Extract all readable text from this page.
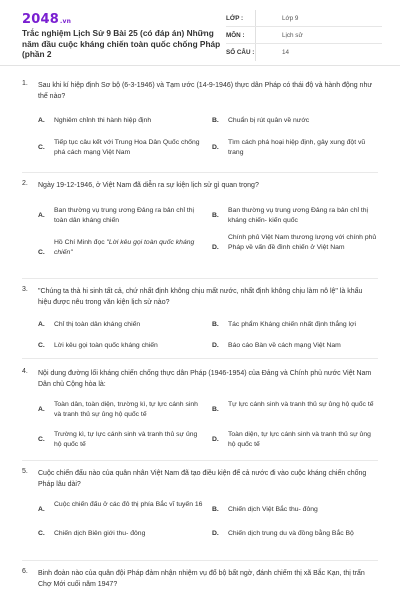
2048.vn
Trắc nghiệm Lịch Sử 9 Bài 25 (có đáp án) Những năm đầu cuộc kháng chiến toàn quốc chống Pháp (phần 2
LỚP :	Lớp 9
MÔN :	Lịch sử
SỐ CÂU :	14
1. Sau khi kí hiệp định Sơ bộ (6-3-1946) và Tạm ước (14-9-1946) thực dân Pháp có thái độ và hành động như thế nào?
A. Nghiêm chỉnh thi hành hiệp định	B. Chuẩn bị rút quân về nước
C.
Tiếp tục câu kết với Trung Hoa Dân Quốc chống phá cách mạng Việt Nam
D.
Tìm cách phá hoại hiệp định, gây xung đột vũ trang
2. Ngày 19-12-1946, ở Việt Nam đã diễn ra sự kiện lịch sử gì quan trọng?
A.
Ban thường vụ trung ương Đảng ra bản chỉ thị toàn dân kháng chiến
B.
Ban thường vụ trung ương Đảng ra bản chỉ thị kháng chiến- kiến quốc
C.
Hồ Chí Minh đọc "Lời kêu gọi toàn quốc kháng chiến"
D.
Chính phủ Việt Nam thương lượng với chính phủ Pháp về vấn đề đình chiến ở Việt Nam
3. "Chúng ta thà hi sinh tất cả, chứ nhất định không chịu mất nước, nhất định không chịu làm nô lệ" là khẩu hiệu được nêu trong văn kiện lịch sử nào?
A. Chỉ thị toàn dân kháng chiến	B. Tác phẩm Kháng chiến nhất định thắng lợi
C. Lời kêu gọi toàn quốc kháng chiến	D. Báo cáo Bàn về cách mạng Việt Nam
4. Nội dung đường lối kháng chiến chống thực dân Pháp (1946-1954) của Đảng và Chính phủ nước Việt Nam Dân chủ Cộng hòa là:
A.
Toàn dân, toàn diện, trường kì, tự lực cánh sinh và tranh thủ sự ủng hộ quốc tế
B.
Tự lực cánh sinh và tranh thủ sự ủng hộ quốc tế
C.
Trường kì, tự lực cánh sinh và tranh thủ sự ủng hộ quốc tế
D.
Toàn diện, tự lực cánh sinh và tranh thủ sự ủng hộ quốc tế
5. Cuộc chiến đấu nào của quân nhân Việt Nam đã tạo điều kiện để cả nước đi vào cuộc kháng chiến chống Pháp lâu dài?
A.
Cuộc chiến đấu ở các đô thị phía Bắc vĩ tuyến 16
B. Chiến dịch Việt Bắc thu- đông
C. Chiến dịch Biên giới thu- đông	D. Chiến dịch trung du và đồng bằng Bắc Bộ
6. Binh đoàn nào của quân đội Pháp đảm nhận nhiệm vụ đổ bộ bất ngờ, đánh chiếm thị xã Bắc Kạn, thị trấn Chợ Mới cuối năm 1947?
